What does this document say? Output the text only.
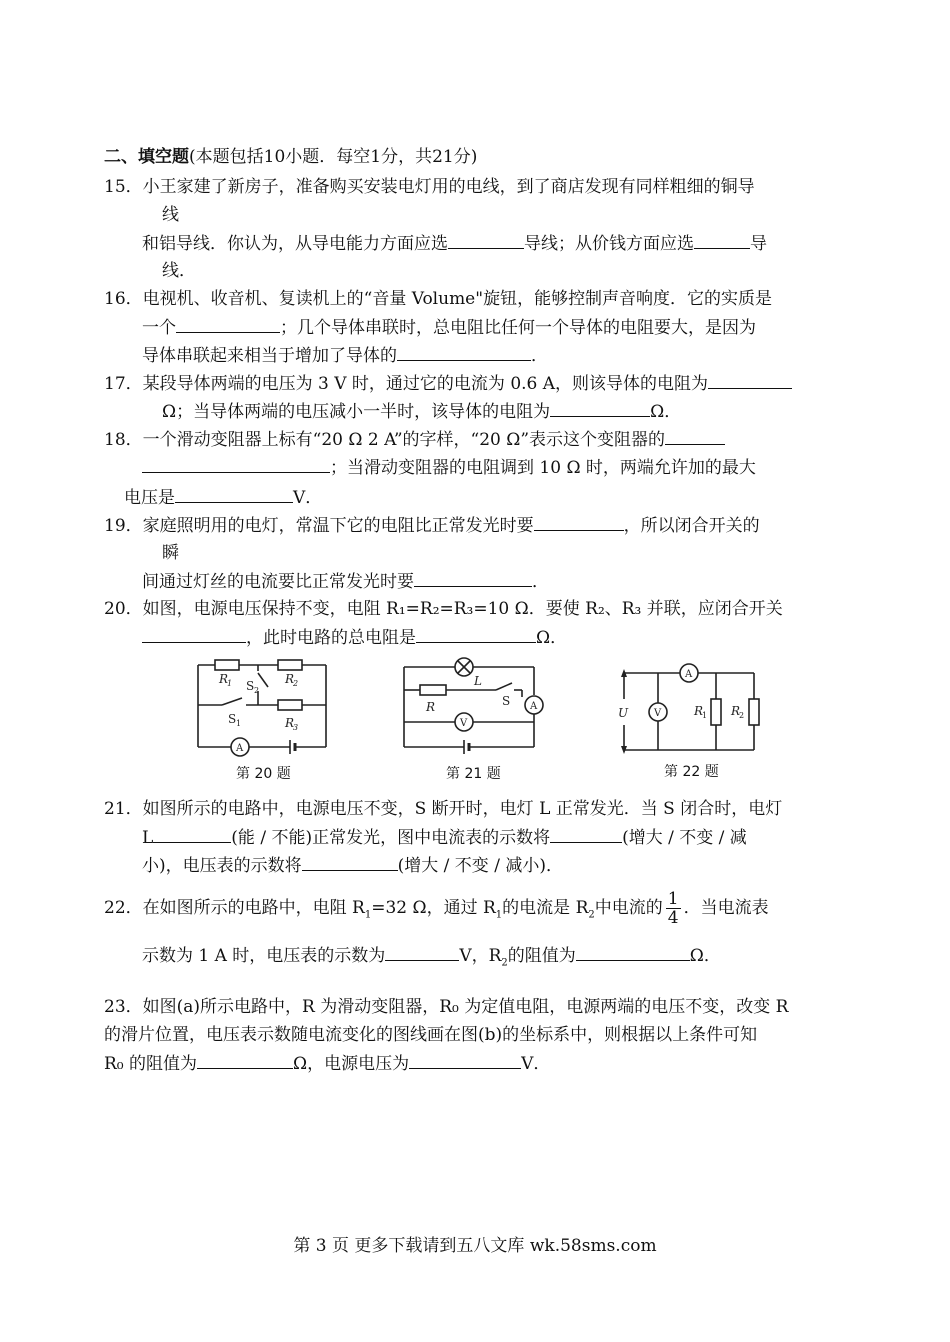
二、填空题(本题包括10小题．每空1分，共21分)
15．小王家建了新房子，准备购买安装电灯用的电线，到了商店发现有同样粗细的铜导
线
和铝导线．你认为，从导电能力方面应选	导线；从价钱方面应选	导
线．
16．电视机、收音机、复读机上的“音量 Volume"旋钮，能够控制声音响度．它的实质是
一个	；几个导体串联时，总电阻比任何一个导体的电阻要大，是因为
导体串联起来相当于增加了导体的	．
17．某段导体两端的电压为 3 V 时，通过它的电流为 0.6 A，则该导体的电阻为
Ω；当导体两端的电压减小一半时，该导体的电阻为	Ω．
18．一个滑动变阻器上标有“20 Ω 2 A”的字样，“20 Ω”表示这个变阻器的
；当滑动变阻器的电阻调到 10 Ω 时，两端允许加的最大
电压是	V．
19．家庭照明用的电灯，常温下它的电阻比正常发光时要	，所以闭合开关的
瞬
间通过灯丝的电流要比正常发光时要	．
20．如图，电源电压保持不变，电阻 R₁=R₂=R₃=10 Ω．要使 R₂、R₃ 并联，应闭合开关
，此时电路的总电阻是	Ω．
R
1	R
2
R
3
S 2
S 1
A
第 20 题
L
R	S
V
A
第 21 题
U	V
A
R
1 R
2
第 22 题
21．如图所示的电路中，电源电压不变，S 断开时，电灯 L 正常发光．当 S 闭合时，电灯
L	(能 / 不能)正常发光，图中电流表的示数将	(增大 / 不变 / 减
小)，电压表的示数将	(增大 / 不变 / 减小)．
22．在如图所示的电路中，电阻 $R_1=32$ Ω，通过 $R_1$的电流是 $R_2$中电流的 $\frac{1}{4}$ ．当电流表
示数为 1 A 时，电压表的示数为	V，$R_2$的阻值为	Ω．
23．如图(a)所示电路中，R 为滑动变阻器，R₀ 为定值电阻，电源两端的电压不变，改变 R
的滑片位置，电压表示数随电流变化的图线画在图(b)的坐标系中，则根据以上条件可知
R₀ 的阻值为	Ω，电源电压为	V．
第 3 页 更多下载请到五八文库 wk.58sms.com
